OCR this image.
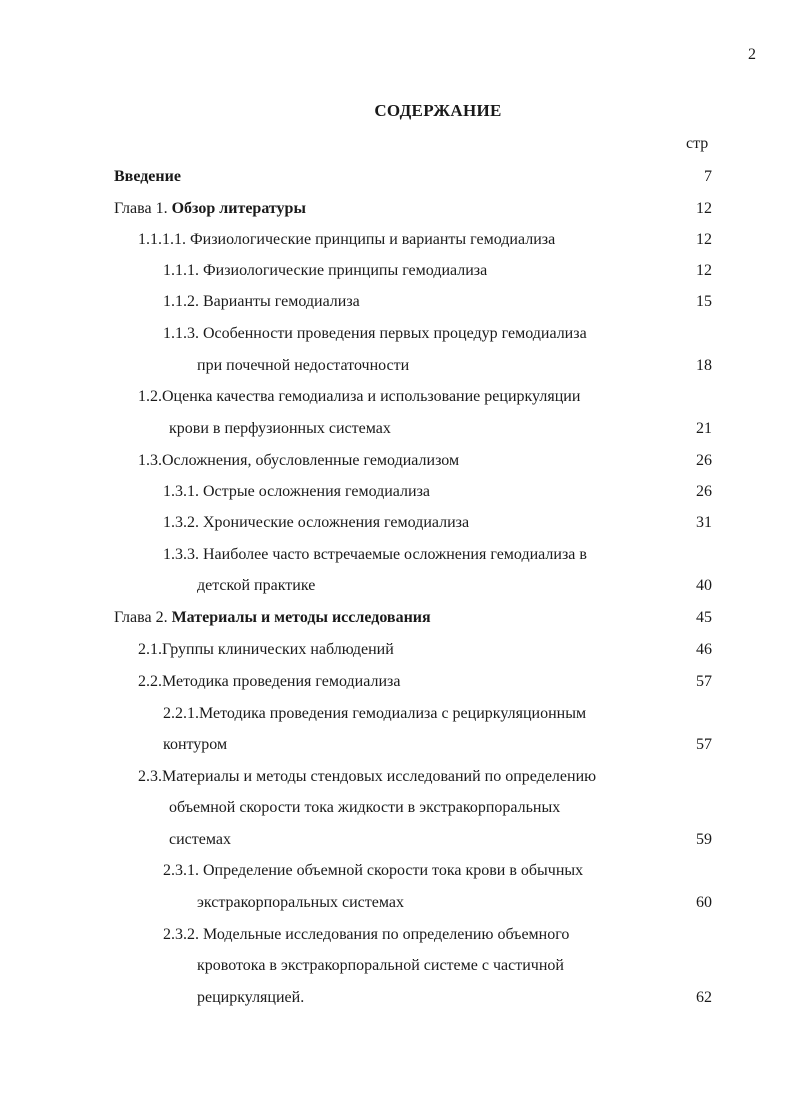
2
СОДЕРЖАНИЕ
стр
Введение	7
Глава 1. Обзор литературы	12
1.1.1.1. Физиологические принципы и варианты гемодиализа	12
1.1.1. Физиологические принципы гемодиализа	12
1.1.2. Варианты гемодиализа	15
1.1.3. Особенности проведения первых процедур гемодиализа
при почечной недостаточности	18
1.2.Оценка качества гемодиализа и использование рециркуляции
крови в перфузионных системах	21
1.3.Осложнения, обусловленные гемодиализом	26
1.3.1. Острые осложнения гемодиализа	26
1.3.2. Хронические осложнения гемодиализа	31
1.3.3. Наиболее часто встречаемые осложнения гемодиализа в
детской практике	40
Глава 2. Материалы и методы исследования	45
2.1.Группы клинических наблюдений	46
2.2.Методика проведения гемодиализа	57
2.2.1.Методика проведения гемодиализа с рециркуляционным
контуром	57
2.3.Материалы и методы стендовых исследований по определению
объемной скорости тока жидкости в экстракорпоральных
системах	59
2.3.1. Определение объемной скорости тока крови в обычных
экстракорпоральных системах	60
2.3.2. Модельные исследования по определению объемного
кровотока в экстракорпоральной системе с частичной
рециркуляцией.	62
